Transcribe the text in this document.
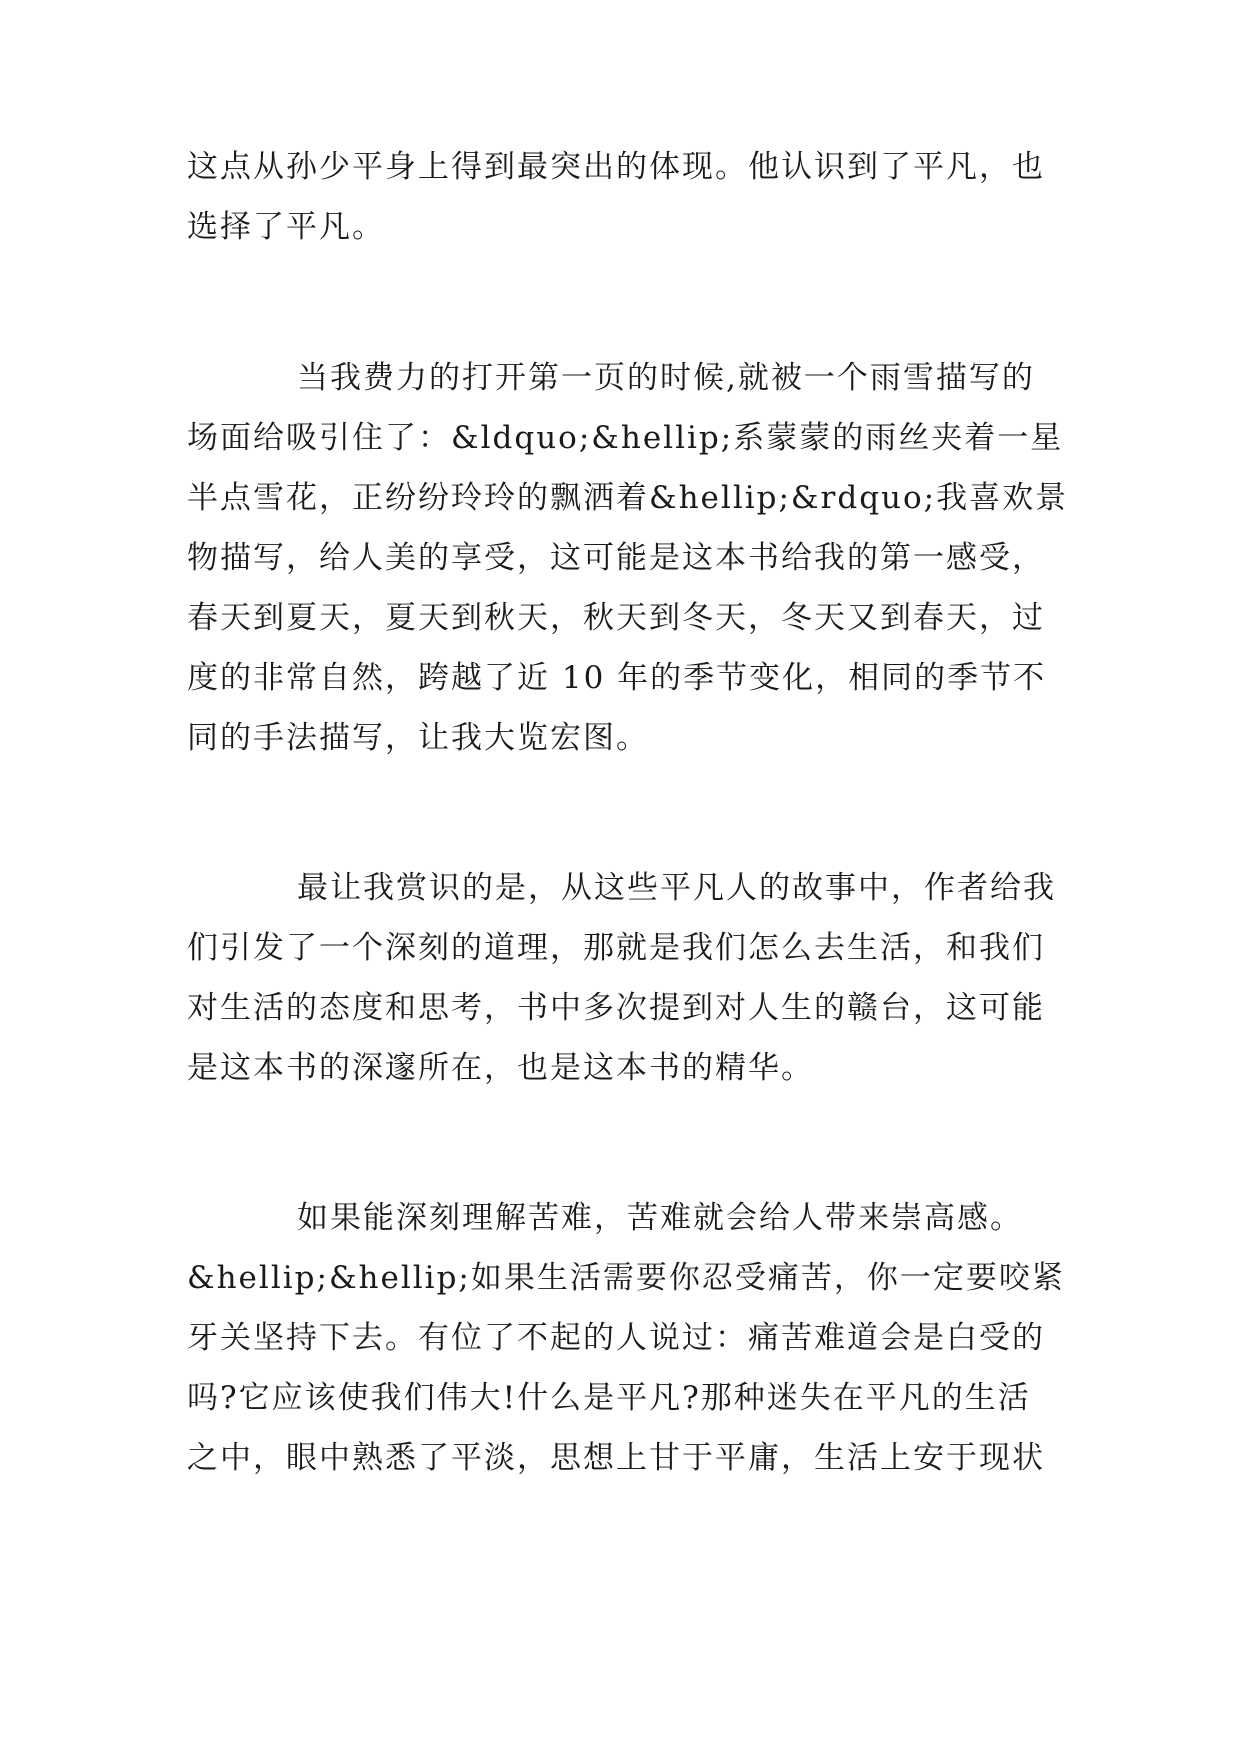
这点从孙少平身上得到最突出的体现。他认识到了平凡，也
选择了平凡。
当我费力的打开第一页的时候,就被一个雨雪描写的
场面给吸引住了：&ldquo;&hellip;系蒙蒙的雨丝夹着一星
半点雪花，正纷纷玲玲的飘洒着&hellip;&rdquo;我喜欢景
物描写，给人美的享受，这可能是这本书给我的第一感受，
春天到夏天，夏天到秋天，秋天到冬天，冬天又到春天，过
度的非常自然，跨越了近 10 年的季节变化，相同的季节不
同的手法描写，让我大览宏图。
最让我赏识的是，从这些平凡人的故事中，作者给我
们引发了一个深刻的道理，那就是我们怎么去生活，和我们
对生活的态度和思考，书中多次提到对人生的赣台，这可能
是这本书的深邃所在，也是这本书的精华。
如果能深刻理解苦难，苦难就会给人带来崇高感。
&hellip;&hellip;如果生活需要你忍受痛苦，你一定要咬紧
牙关坚持下去。有位了不起的人说过：痛苦难道会是白受的
吗?它应该使我们伟大!什么是平凡?那种迷失在平凡的生活
之中，眼中熟悉了平淡，思想上甘于平庸，生活上安于现状
